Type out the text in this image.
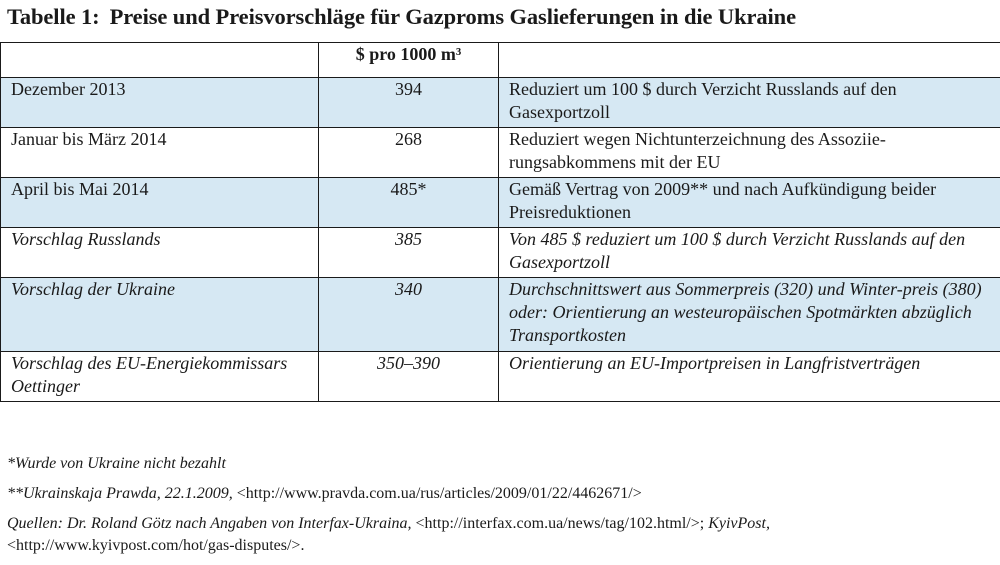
Tabelle 1: Preise und Preisvorschläge für Gazproms Gaslieferungen in die Ukraine
	$ pro 1000 m³	
Dezember 2013	394	Reduziert um 100 $ durch Verzicht Russlands auf den Gasexportzoll
Januar bis März 2014	268	Reduziert wegen Nichtunterzeichnung des Assoziie-rungsabkommens mit der EU
April bis Mai 2014	485*	Gemäß Vertrag von 2009** und nach Aufkündigung beider Preisreduktionen
Vorschlag Russlands	385	Von 485 $ reduziert um 100 $ durch Verzicht Russlands auf den Gasexportzoll
Vorschlag der Ukraine	340	Durchschnittswert aus Sommerpreis (320) und Winter-preis (380) oder: Orientierung an westeuropäischen Spotmärkten abzüglich Transportkosten
Vorschlag des EU-Energiekommissars Oettinger	350–390	Orientierung an EU-Importpreisen in Langfristverträgen

*Wurde von Ukraine nicht bezahlt

**Ukrainskaja Prawda, 22.1.2009, <http://www.pravda.com.ua/rus/articles/2009/01/22/4462671/>

Quellen: Dr. Roland Götz nach Angaben von Interfax-Ukraina, <http://interfax.com.ua/news/tag/102.html/>; KyivPost, <http://www.kyivpost.com/hot/gas-disputes/>.
